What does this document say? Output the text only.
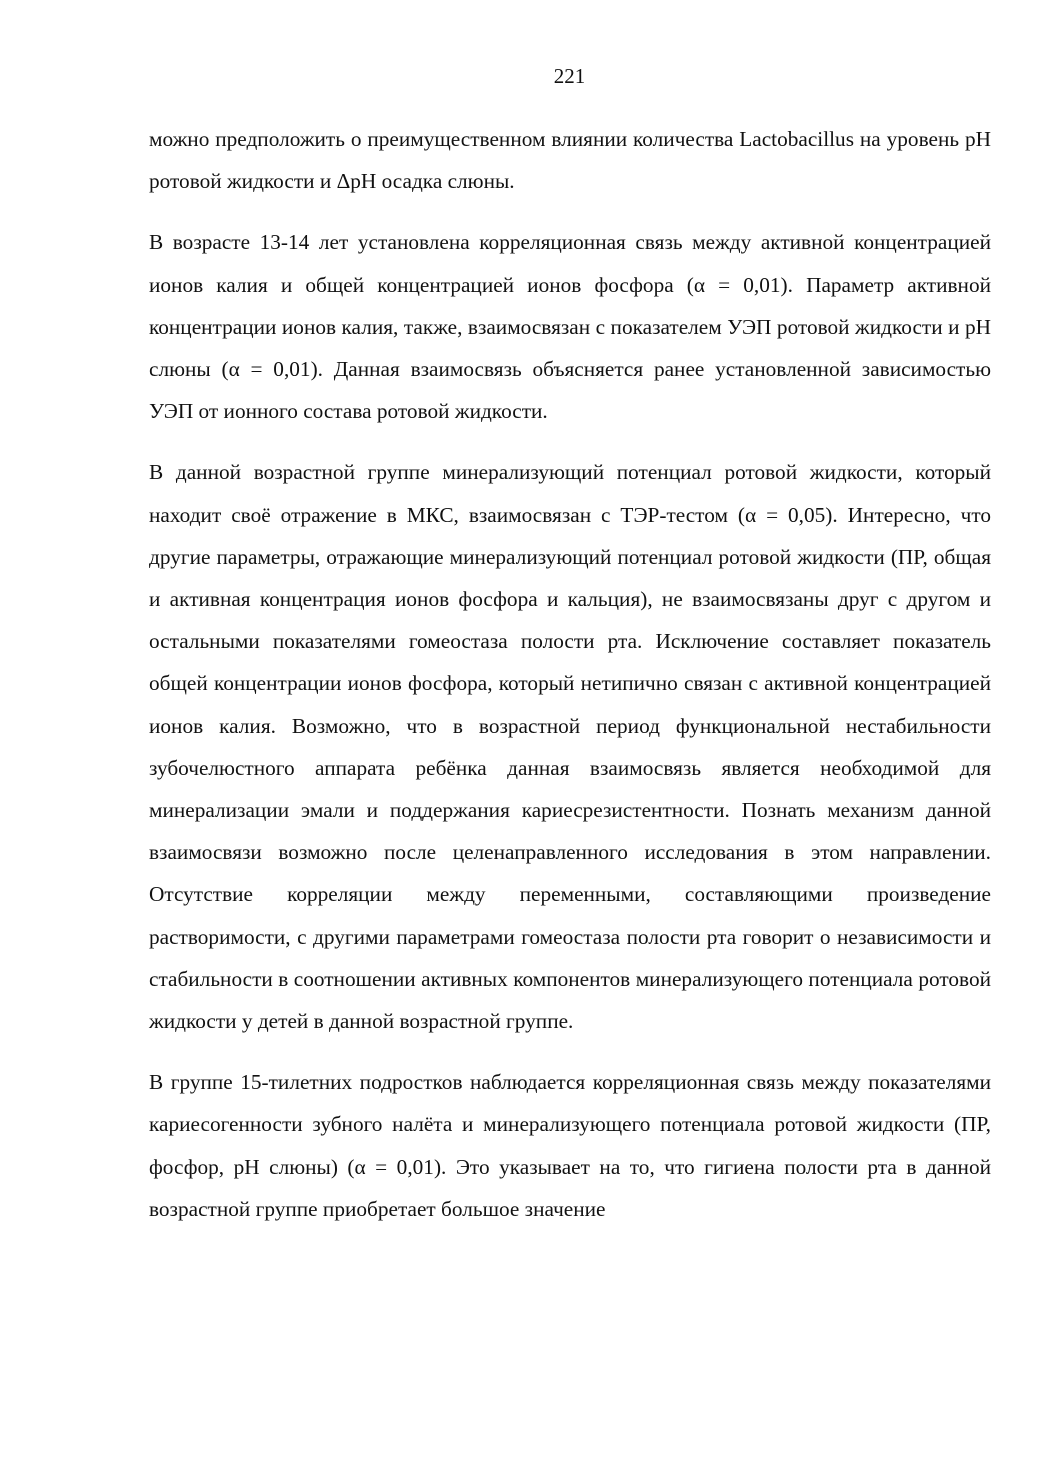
221

можно предположить о преимущественном влиянии количества Lactobacillus на уровень pH ротовой жидкости и ΔpH осадка слюны.

В возрасте 13-14 лет установлена корреляционная связь между активной концентрацией ионов калия и общей концентрацией ионов фосфора (α = 0,01). Параметр активной концентрации ионов калия, также, взаимосвязан с показателем УЭП ротовой жидкости и pH слюны (α = 0,01). Данная взаимосвязь объясняется ранее установленной зависимостью УЭП от ионного состава ротовой жидкости.

В данной возрастной группе минерализующий потенциал ротовой жидкости, который находит своё отражение в МКС, взаимосвязан с ТЭР-тестом (α = 0,05). Интересно, что другие параметры, отражающие минерализующий потенциал ротовой жидкости (ПР, общая и активная концентрация ионов фосфора и кальция), не взаимосвязаны друг с другом и остальными показателями гомеостаза полости рта. Исключение составляет показатель общей концентрации ионов фосфора, который нетипично связан с активной концентрацией ионов калия. Возможно, что в возрастной период функциональной нестабильности зубочелюстного аппарата ребёнка данная взаимосвязь является необходимой для минерализации эмали и поддержания кариесрезистентности. Познать механизм данной взаимосвязи возможно после целенаправленного исследования в этом направлении. Отсутствие корреляции между переменными, составляющими произведение растворимости, с другими параметрами гомеостаза полости рта говорит о независимости и стабильности в соотношении активных компонентов минерализующего потенциала ротовой жидкости у детей в данной возрастной группе.

В группе 15-тилетних подростков наблюдается корреляционная связь между показателями кариесогенности зубного налёта и минерализующего потенциала ротовой жидкости (ПР, фосфор, pH слюны) (α = 0,01). Это указывает на то, что гигиена полости рта в данной возрастной группе приобретает большое значение
